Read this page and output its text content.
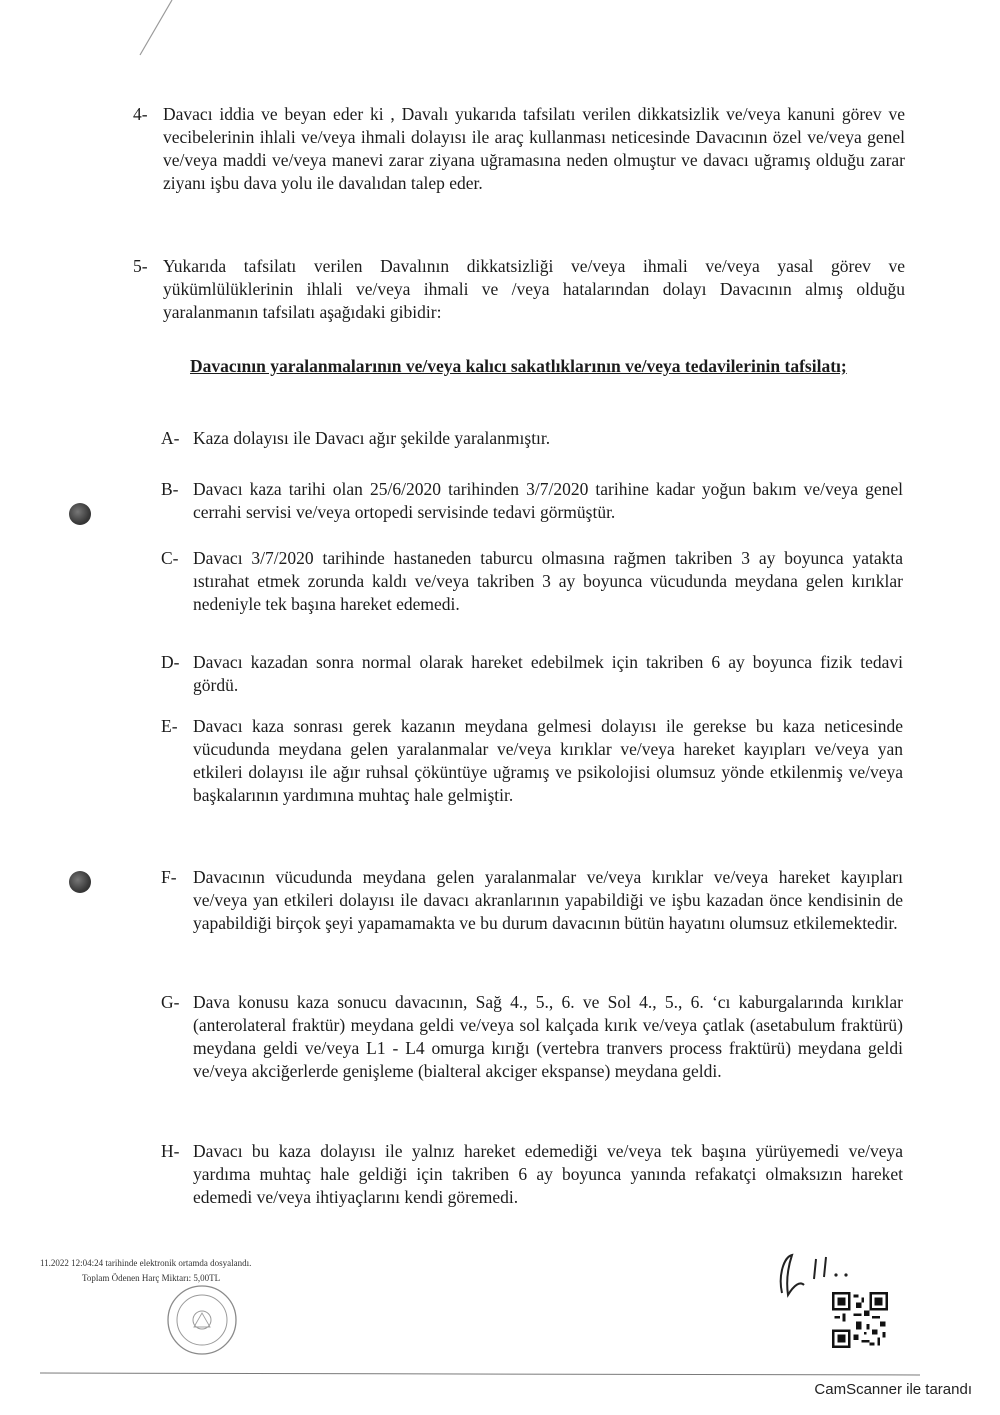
4- Davacı iddia ve beyan eder ki , Davalı yukarıda tafsilatı verilen dikkatsizlik ve/veya kanuni görev ve vecibelerinin ihlali ve/veya ihmali dolayısı ile araç kullanması neticesinde Davacının özel ve/veya genel ve/veya maddi ve/veya manevi zarar ziyana uğramasına neden olmuştur ve davacı uğramış olduğu zarar ziyanı işbu dava yolu ile davalıdan talep eder.
5- Yukarıda tafsilatı verilen Davalının dikkatsizliği ve/veya ihmali ve/veya yasal görev ve yükümlülüklerinin ihlali ve/veya ihmali ve /veya hatalarından dolayı Davacının almış olduğu yaralanmanın tafsilatı aşağıdaki gibidir:
Davacının yaralanmalarının ve/veya kalıcı sakatlıklarının ve/veya tedavilerinin tafsilatı;
A- Kaza dolayısı ile Davacı ağır şekilde yaralanmıştır.
B- Davacı kaza tarihi olan 25/6/2020 tarihinden 3/7/2020 tarihine kadar yoğun bakım ve/veya genel cerrahi servisi ve/veya ortopedi servisinde tedavi görmüştür.
C- Davacı 3/7/2020 tarihinde hastaneden taburcu olmasına rağmen takriben 3 ay boyunca yatakta ıstırahat etmek zorunda kaldı ve/veya takriben 3 ay boyunca vücudunda meydana gelen kırıklar nedeniyle tek başına hareket edemedi.
D- Davacı kazadan sonra normal olarak hareket edebilmek için takriben 6 ay boyunca fizik tedavi gördü.
E- Davacı kaza sonrası gerek kazanın meydana gelmesi dolayısı ile gerekse bu kaza neticesinde vücudunda meydana gelen yaralanmalar ve/veya kırıklar ve/veya hareket kayıpları ve/veya yan etkileri dolayısı ile ağır ruhsal çöküntüye uğramış ve psikolojisi olumsuz yönde etkilenmiş ve/veya başkalarının yardımına muhtaç hale gelmiştir.
F- Davacının vücudunda meydana gelen yaralanmalar ve/veya kırıklar ve/veya hareket kayıpları ve/veya yan etkileri dolayısı ile davacı akranlarının yapabildiği ve işbu kazadan önce kendisinin de yapabildiği birçok şeyi yapamamakta ve bu durum davacının bütün hayatını olumsuz etkilemektedir.
G- Dava konusu kaza sonucu davacının, Sağ 4., 5., 6. ve Sol 4., 5., 6. ‘cı kaburgalarında kırıklar (anterolateral fraktür) meydana geldi ve/veya sol kalçada kırık ve/veya çatlak (asetabulum fraktürü) meydana geldi ve/veya L1 - L4 omurga kırığı (vertebra tranvers process fraktürü) meydana geldi ve/veya akciğerlerde genişleme (bialteral akciger ekspanse) meydana geldi.
H- Davacı bu kaza dolayısı ile yalnız hareket edemediği ve/veya tek başına yürüyemedi ve/veya yardıma muhtaç hale geldiği için takriben 6 ay boyunca yanında refakatçi olmaksızın hareket edemedi ve/veya ihtiyaçlarını kendi göremedi.
11.2022 12:04:24 tarihinde elektronik ortamda dosyalandı.
Toplam Ödenen Harç Miktarı: 5,00TL
CamScanner ile tarandı
